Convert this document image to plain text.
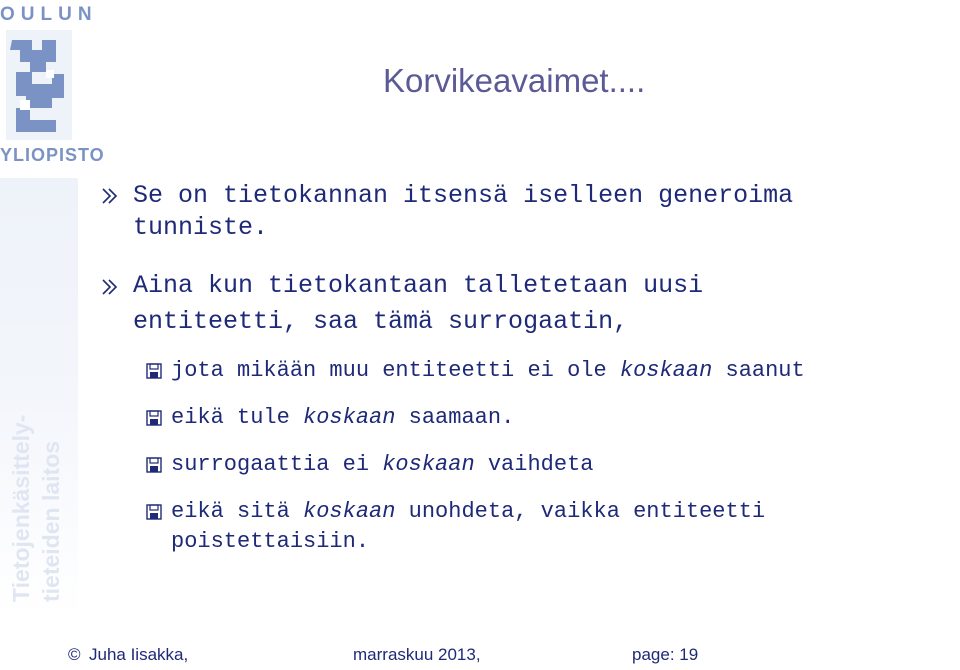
OULUN
YLIOPISTO
Tietojenkäsittely- tieteiden laitos
Korvikeavaimet....
Se on tietokannan itsensä iselleen generoima
tunniste.
Aina kun tietokantaan talletetaan uusi
entiteetti, saa tämä surrogaatin,
jota mikään muu entiteetti ei ole koskaan saanut
eikä tule koskaan saamaan.
surrogaattia ei koskaan vaihdeta
eikä sitä koskaan unohdeta, vaikka entiteetti
poistettaisiin.
© Juha Iisakka,	marraskuu 2013,	page: 19
